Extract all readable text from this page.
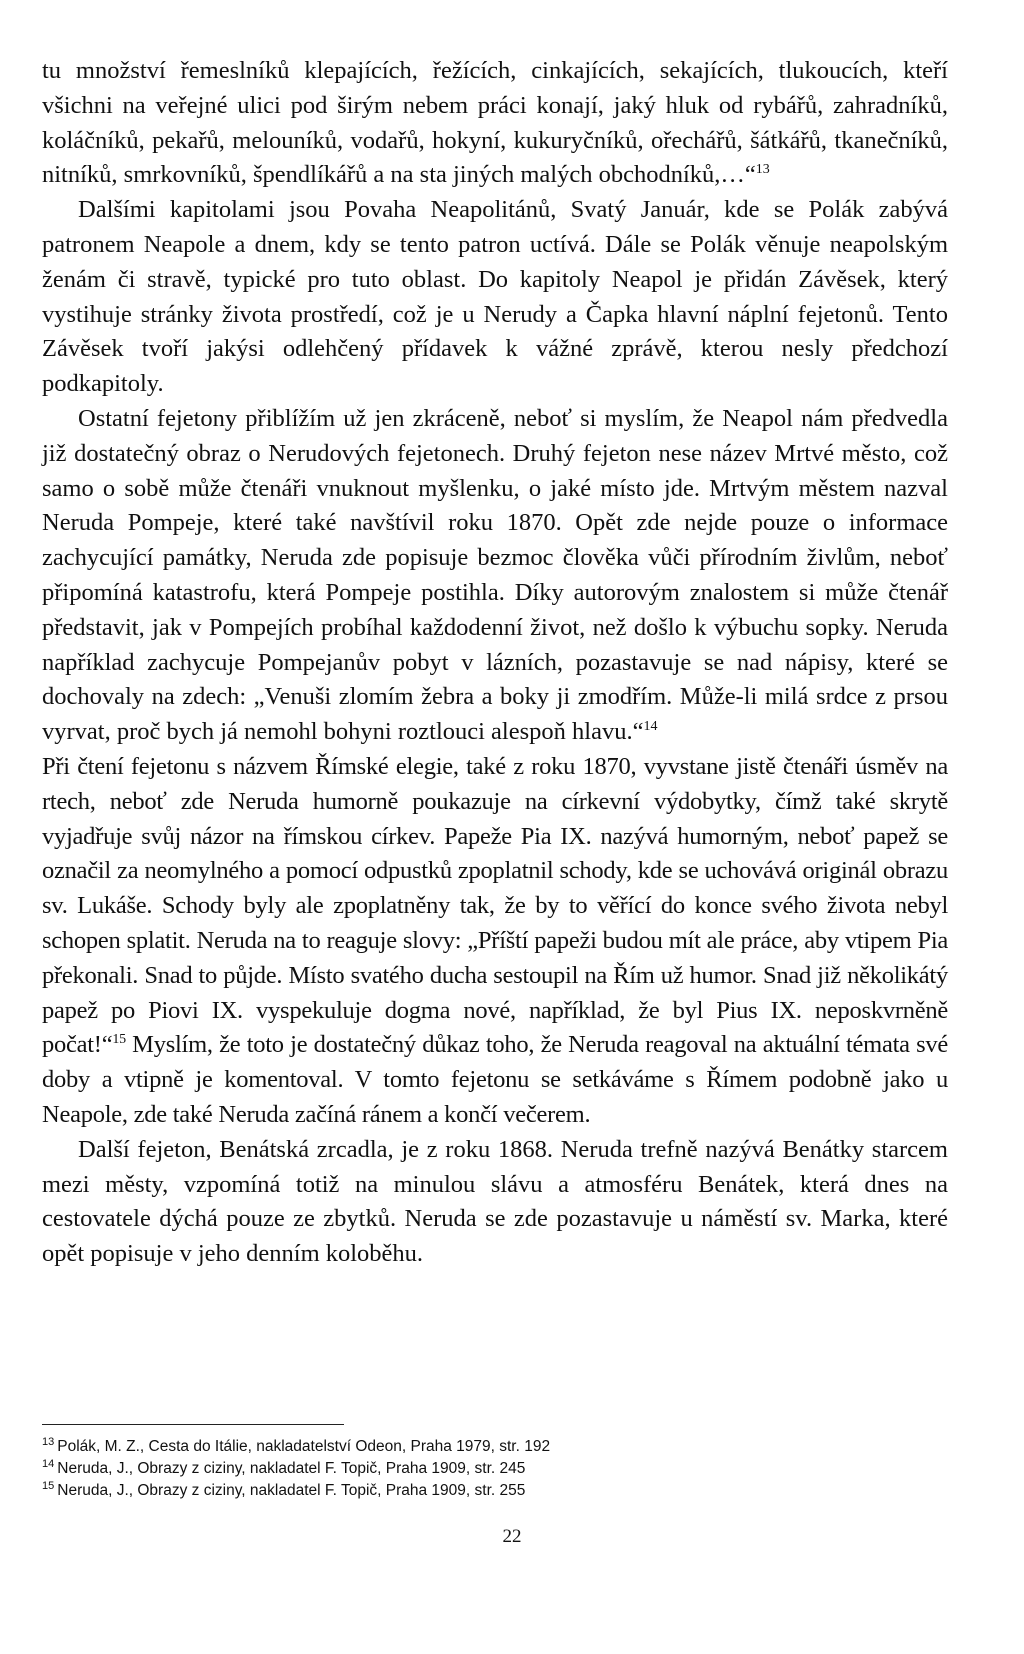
tu množství řemeslníků klepajících, řežících, cinkajících, sekajících, tlukoucích, kteří všichni na veřejné ulici pod širým nebem práci konají, jaký hluk od rybářů, zahradníků, koláčníků, pekařů, melouníků, vodařů, hokyní, kukuryčníků, ořechářů, šátkářů, tkanečníků, nitníků, smrkovníků, špendlíkářů a na sta jiných malých obchodníků,…“$^{13}$

Dalšími kapitolami jsou Povaha Neapolitánů, Svatý Január, kde se Polák zabývá patronem Neapole a dnem, kdy se tento patron uctívá. Dále se Polák věnuje neapolským ženám či stravě, typické pro tuto oblast. Do kapitoly Neapol je přidán Závěsek, který vystihuje stránky života prostředí, což je u Nerudy a Čapka hlavní náplní fejetonů. Tento Závěsek tvoří jakýsi odlehčený přídavek k vážné zprávě, kterou nesly předchozí podkapitoly.

Ostatní fejetony přiblížím už jen zkráceně, neboť si myslím, že Neapol nám předvedla již dostatečný obraz o Nerudových fejetonech. Druhý fejeton nese název Mrtvé město, což samo o sobě může čtenáři vnuknout myšlenku, o jaké místo jde. Mrtvým městem nazval Neruda Pompeje, které také navštívil roku 1870. Opět zde nejde pouze o informace zachycující památky, Neruda zde popisuje bezmoc člověka vůči přírodním živlům, neboť připomíná katastrofu, která Pompeje postihla. Díky autorovým znalostem si může čtenář představit, jak v Pompejích probíhal každodenní život, než došlo k výbuchu sopky. Neruda například zachycuje Pompejanův pobyt v lázních, pozastavuje se nad nápisy, které se dochovaly na zdech: „Venuši zlomím žebra a boky ji zmodřím. Může-li milá srdce z prsou vyrvat, proč bych já nemohl bohyni roztlouci alespoň hlavu.“$^{14}$

Při čtení fejetonu s názvem Římské elegie, také z roku 1870, vyvstane jistě čtenáři úsměv na rtech, neboť zde Neruda humorně poukazuje na církevní výdobytky, čímž také skrytě vyjadřuje svůj názor na římskou církev. Papeže Pia IX. nazývá humorným, neboť papež se označil za neomylného a pomocí odpustků zpoplatnil schody, kde se uchovává originál obrazu sv. Lukáše. Schody byly ale zpoplatněny tak, že by to věřící do konce svého života nebyl schopen splatit. Neruda na to reaguje slovy: „Příští papeži budou mít ale práce, aby vtipem Pia překonali. Snad to půjde. Místo svatého ducha sestoupil na Řím už humor. Snad již několikátý papež po Piovi IX. vyspekuluje dogma nové, například, že byl Pius IX. neposkvrněně počat!“$^{15}$ Myslím, že toto je dostatečný důkaz toho, že Neruda reagoval na aktuální témata své doby a vtipně je komentoval. V tomto fejetonu se setkáváme s Římem podobně jako u Neapole, zde také Neruda začíná ránem a končí večerem.

Další fejeton, Benátská zrcadla, je z roku 1868. Neruda trefně nazývá Benátky starcem mezi městy, vzpomíná totiž na minulou slávu a atmosféru Benátek, která dnes na cestovatele dýchá pouze ze zbytků. Neruda se zde pozastavuje u náměstí sv. Marka, které opět popisuje v jeho denním koloběhu.

$^{13}$ Polák, M. Z., Cesta do Itálie, nakladatelství Odeon, Praha 1979, str. 192

$^{14}$ Neruda, J., Obrazy z ciziny, nakladatel F. Topič, Praha 1909, str. 245

$^{15}$ Neruda, J., Obrazy z ciziny, nakladatel F. Topič, Praha 1909, str. 255

22
